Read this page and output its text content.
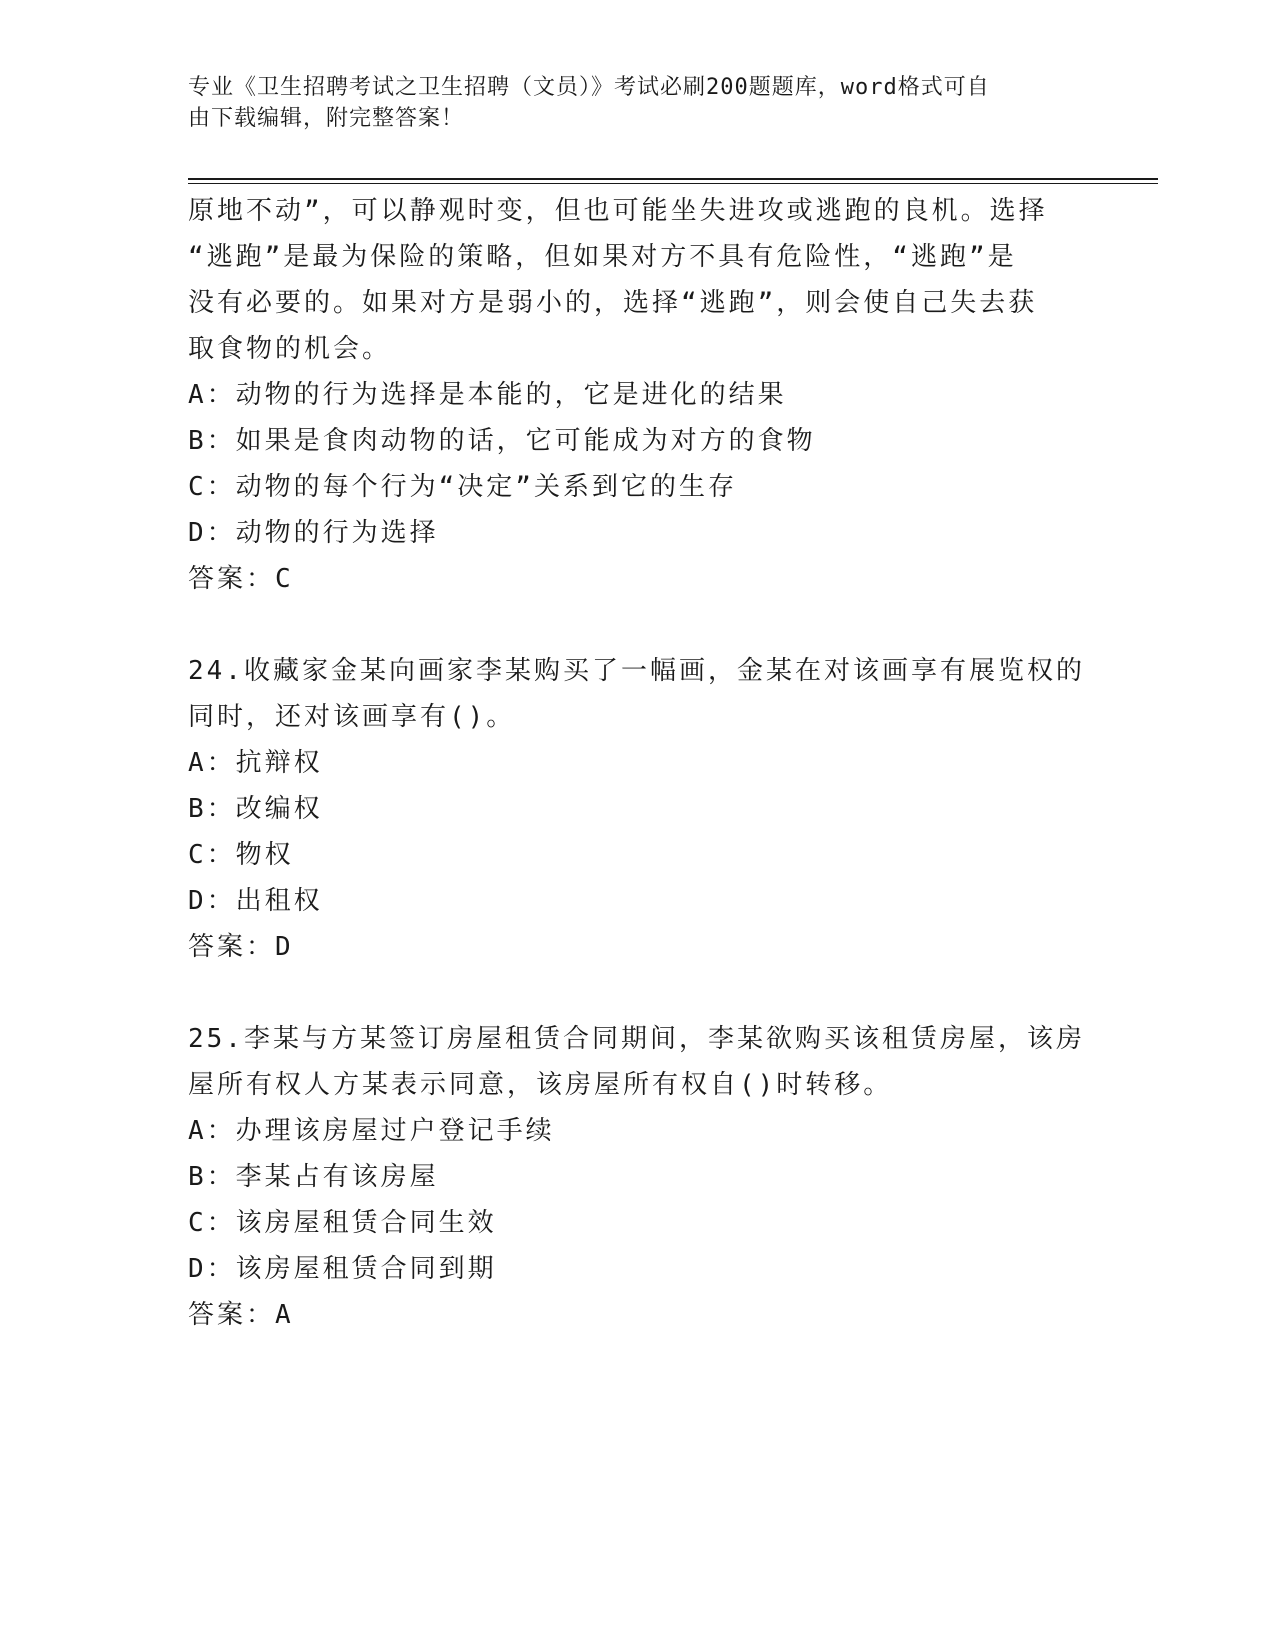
专业《卫生招聘考试之卫生招聘（文员）》考试必刷200题题库，word格式可自
由下载编辑，附完整答案！
原地不动”，可以静观时变，但也可能坐失进攻或逃跑的良机。选择
“逃跑”是最为保险的策略，但如果对方不具有危险性，“逃跑”是
没有必要的。如果对方是弱小的，选择“逃跑”，则会使自己失去获
取食物的机会。
A：动物的行为选择是本能的，它是进化的结果
B：如果是食肉动物的话，它可能成为对方的食物
C：动物的每个行为“决定”关系到它的生存
D：动物的行为选择
答案：C
24.收藏家金某向画家李某购买了一幅画，金某在对该画享有展览权的
同时，还对该画享有()。
A：抗辩权
B：改编权
C：物权
D：出租权
答案：D
25.李某与方某签订房屋租赁合同期间，李某欲购买该租赁房屋，该房
屋所有权人方某表示同意，该房屋所有权自()时转移。
A：办理该房屋过户登记手续
B：李某占有该房屋
C：该房屋租赁合同生效
D：该房屋租赁合同到期
答案：A
